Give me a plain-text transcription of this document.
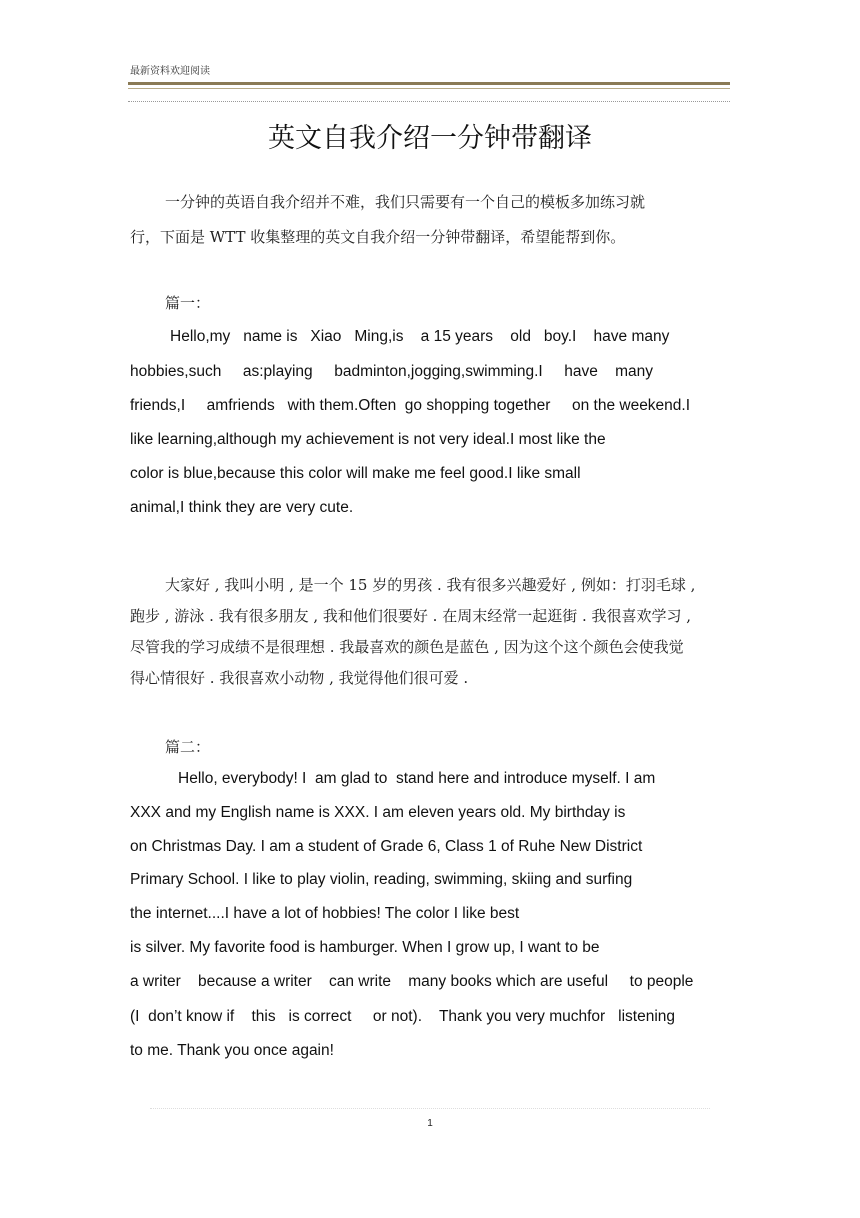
最新资料欢迎阅读
英文自我介绍一分钟带翻译
一分钟的英语自我介绍并不难，我们只需要有一个自己的模板多加练习就
行，下面是 WTT 收集整理的英文自我介绍一分钟带翻译，希望能帮到你。
篇一：
Hello,my   name is   Xiao   Ming,is    a 15 years    old   boy.I    have many
hobbies,such     as:playing     badminton,jogging,swimming.I     have    many
friends,I     amfriends   with them.Often  go shopping together     on the weekend.I
like learning,although my achievement is not very ideal.I most like the
color is blue,because this color will make me feel good.I like small
animal,I think they are very cute.
大家好 , 我叫小明 , 是一个 15 岁的男孩 . 我有很多兴趣爱好 , 例如：打羽毛球 ,
跑步 , 游泳 . 我有很多朋友 , 我和他们很要好 . 在周末经常一起逛街 . 我很喜欢学习 ,
尽管我的学习成绩不是很理想 . 我最喜欢的颜色是蓝色 , 因为这个这个颜色会使我觉
得心情很好 . 我很喜欢小动物 , 我觉得他们很可爱 .
篇二：
Hello, everybody! I  am glad to  stand here and introduce myself. I am
XXX and my English name is XXX. I am eleven years old. My birthday is
on Christmas Day. I am a student of Grade 6, Class 1 of Ruhe New District
Primary School. I like to play violin, reading, swimming, skiing and surfing
the internet....I have a lot of hobbies! The color I like best
is silver. My favorite food is hamburger. When I grow up, I want to be
a writer    because a writer    can write    many books which are useful     to people
(I  don’t know if    this   is correct     or not).    Thank you very muchfor   listening
to me. Thank you once again!
1
